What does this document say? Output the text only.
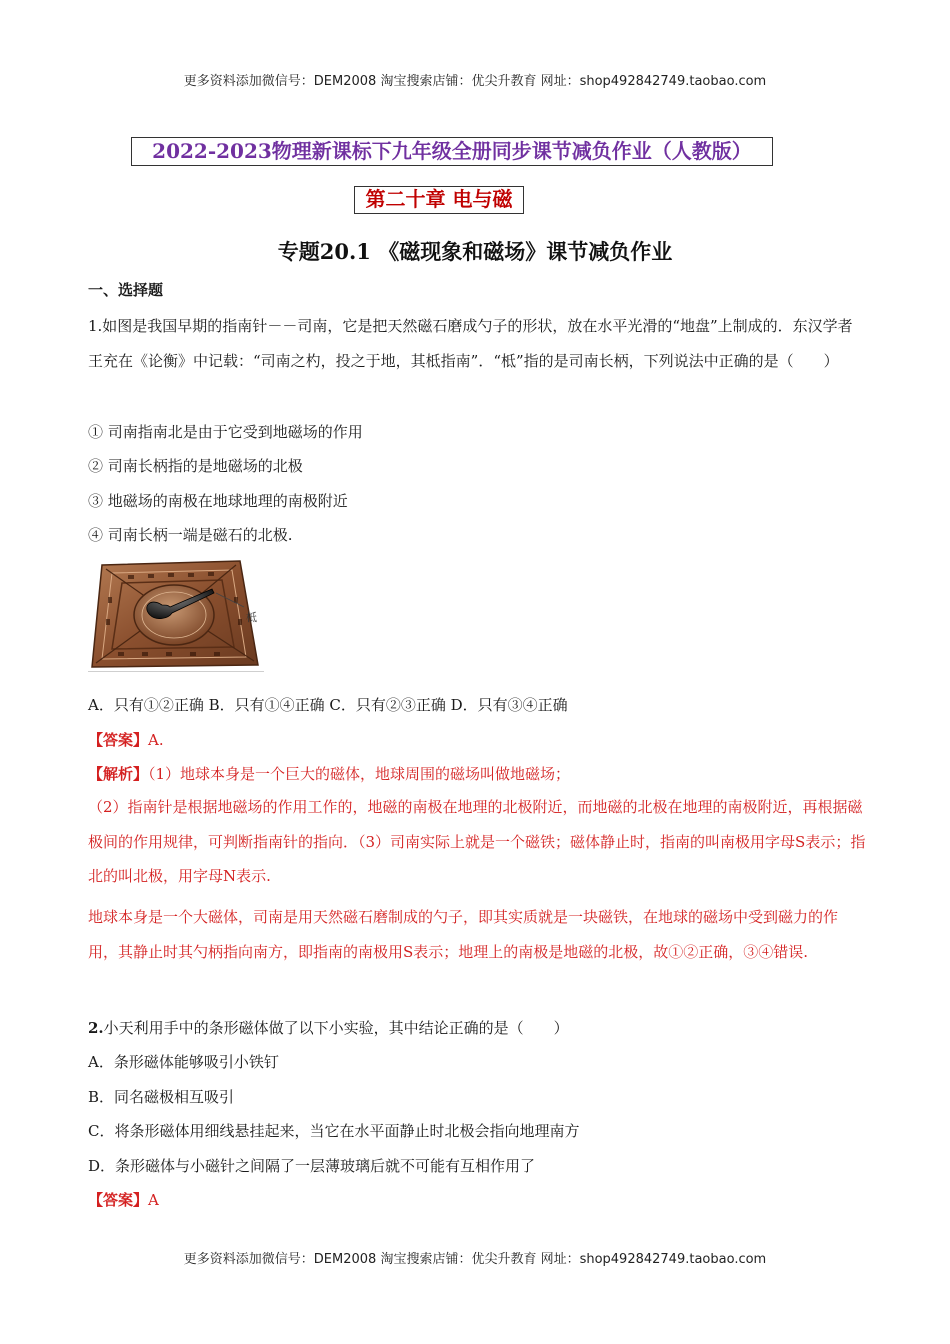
更多资料添加微信号：DEM2008 淘宝搜索店铺：优尖升教育 网址：shop492842749.taobao.com
2022-2023物理新课标下九年级全册同步课节减负作业（人教版）
第二十章 电与磁
专题20.1 《磁现象和磁场》课节减负作业
一、选择题
1.如图是我国早期的指南针－－司南，它是把天然磁石磨成勺子的形状，放在水平光滑的“地盘”上制成的．东汉学者王充在《论衡》中记载：“司南之杓，投之于地，其柢指南”．“柢”指的是司南长柄，下列说法中正确的是（　　）
① 司南指南北是由于它受到地磁场的作用
② 司南长柄指的是地磁场的北极
③ 地磁场的南极在地球地理的南极附近
④ 司南长柄一端是磁石的北极.
柢
A．只有①②正确 B．只有①④正确 C．只有②③正确 D．只有③④正确
【答案】A.
【解析】（1）地球本身是一个巨大的磁体，地球周围的磁场叫做地磁场；
（2）指南针是根据地磁场的作用工作的，地磁的南极在地理的北极附近，而地磁的北极在地理的南极附近，再根据磁极间的作用规律，可判断指南针的指向．（3）司南实际上就是一个磁铁；磁体静止时，指南的叫南极用字母S表示；指北的叫北极，用字母N表示.
地球本身是一个大磁体，司南是用天然磁石磨制成的勺子，即其实质就是一块磁铁，在地球的磁场中受到磁力的作用，其静止时其勺柄指向南方，即指南的南极用S表示；地理上的南极是地磁的北极，故①②正确，③④错误.
2.小天利用手中的条形磁体做了以下小实验，其中结论正确的是（　　）
A．条形磁体能够吸引小铁钉
B．同名磁极相互吸引
C．将条形磁体用细线悬挂起来，当它在水平面静止时北极会指向地理南方
D．条形磁体与小磁针之间隔了一层薄玻璃后就不可能有互相作用了
【答案】A
更多资料添加微信号：DEM2008 淘宝搜索店铺：优尖升教育 网址：shop492842749.taobao.com
